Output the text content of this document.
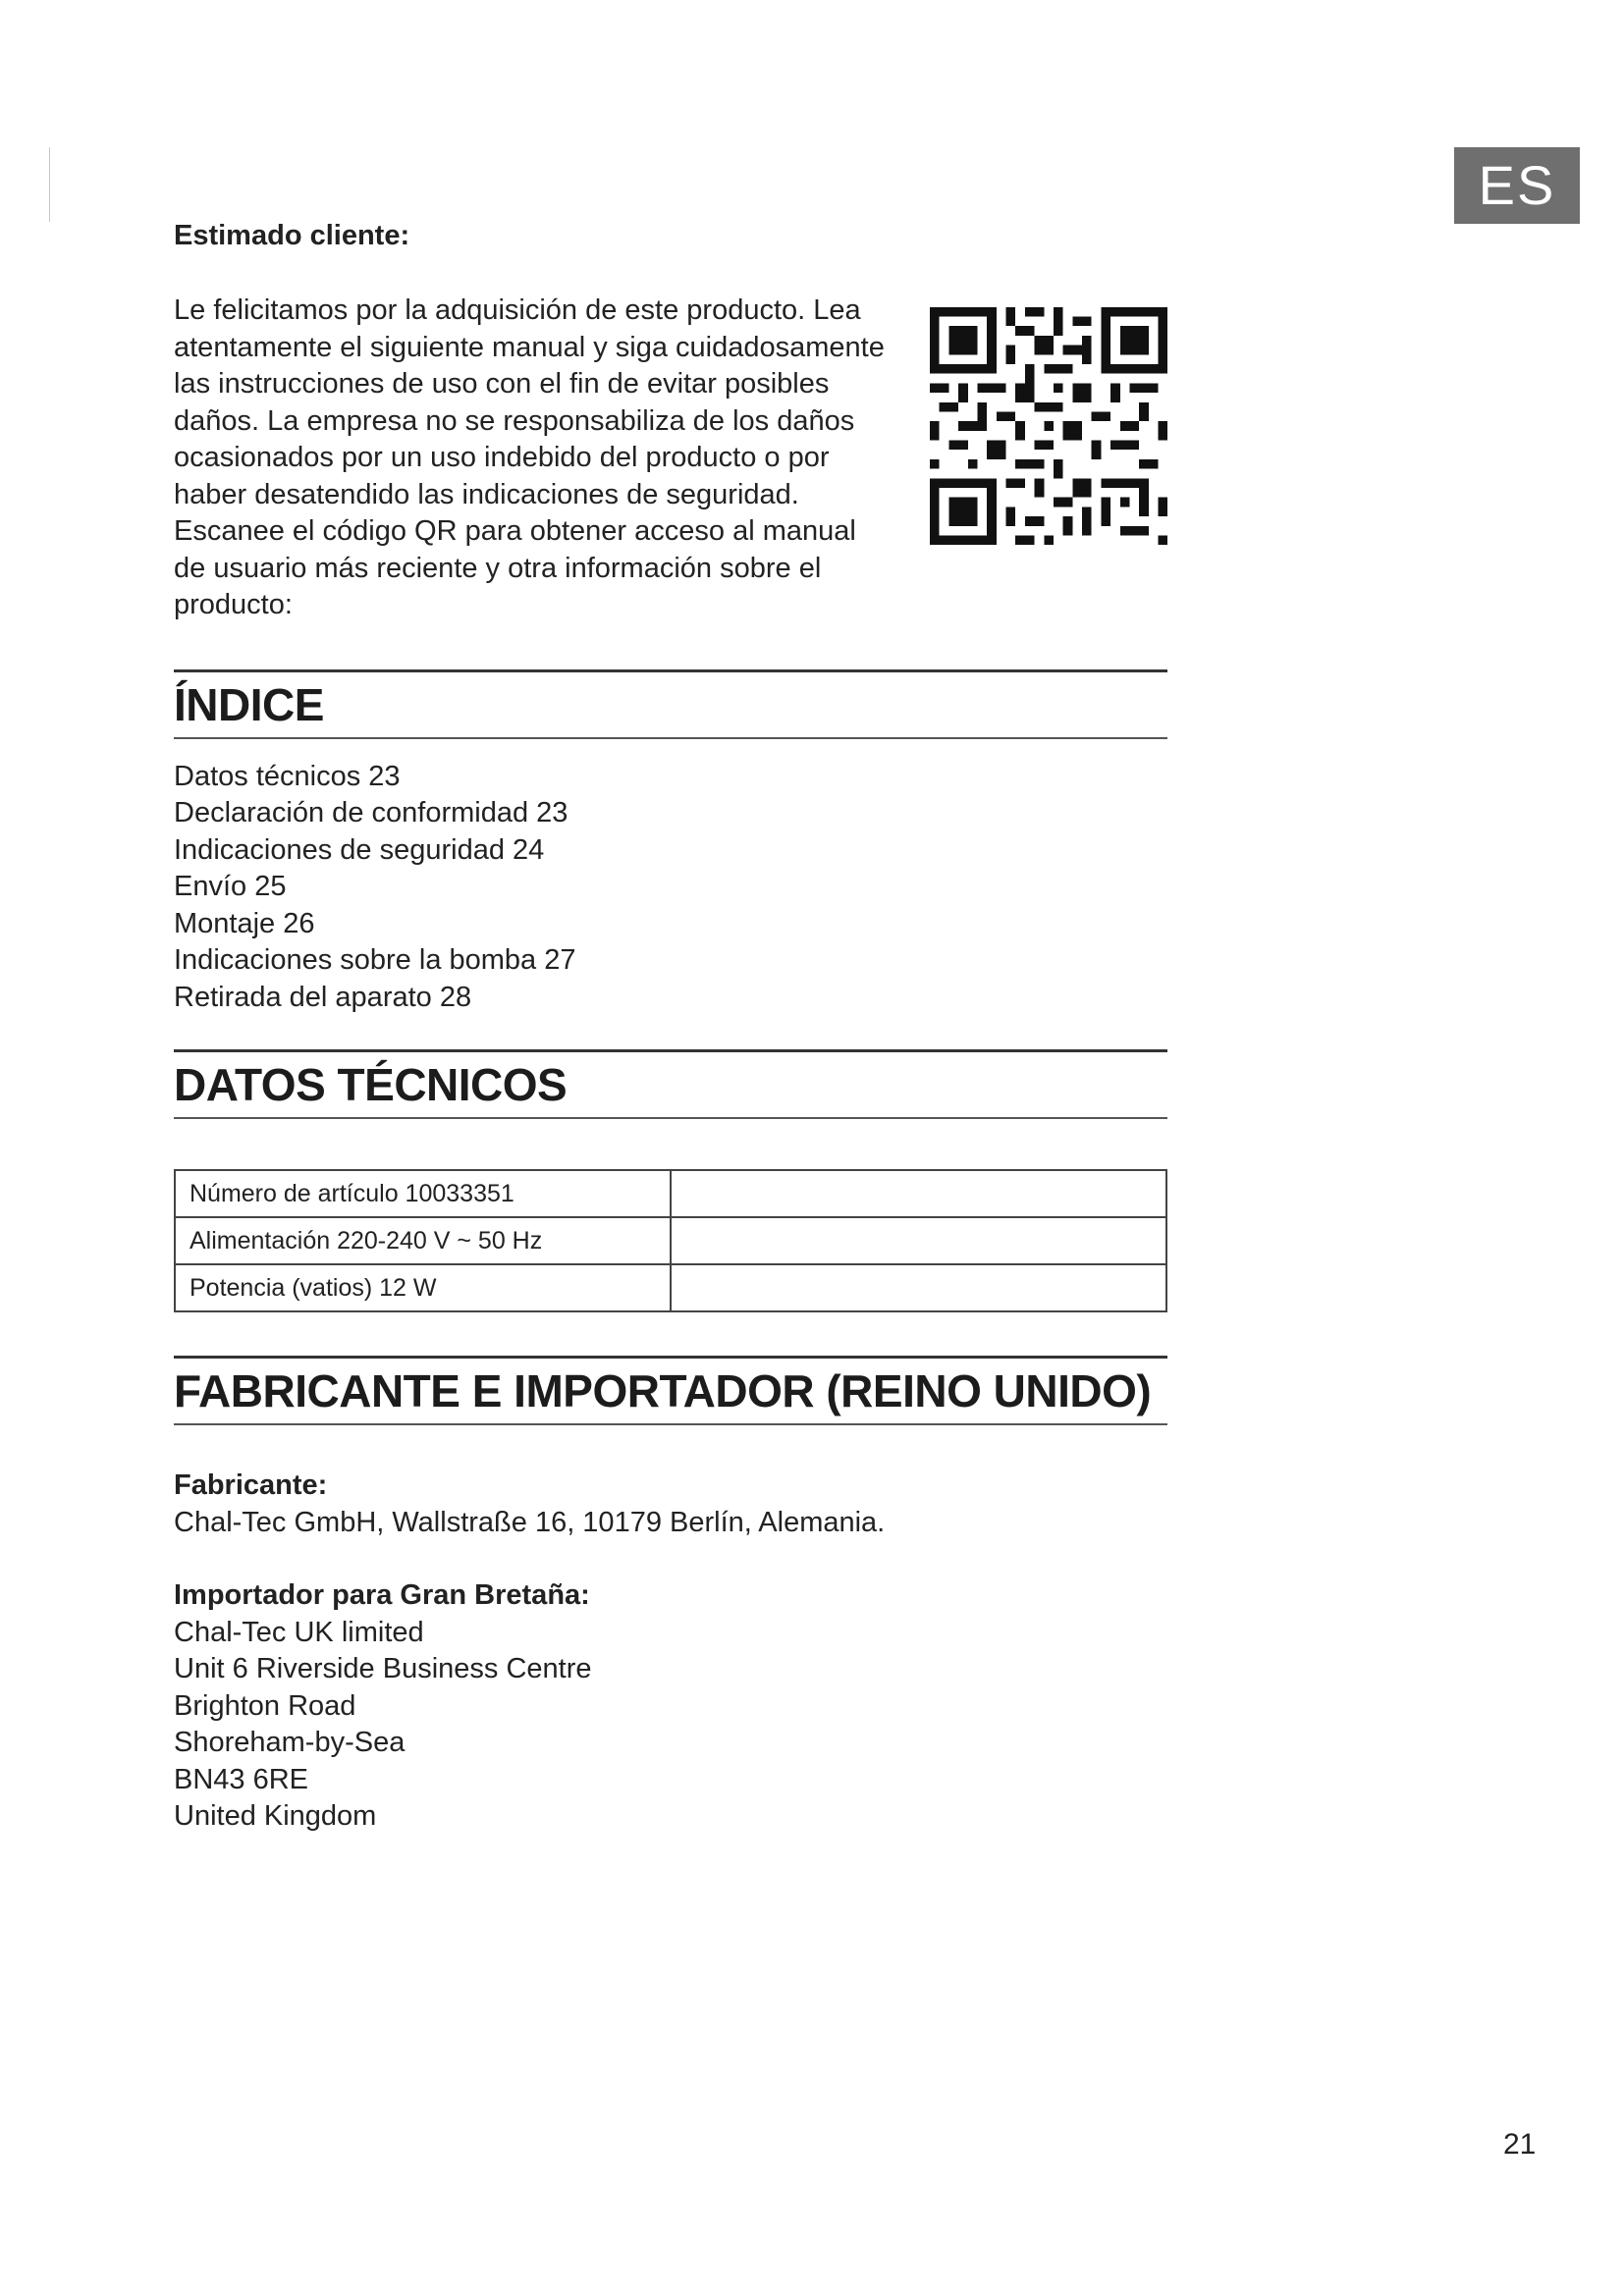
ES

Estimado cliente:

Le felicitamos por la adquisición de este producto. Lea
atentamente el siguiente manual y siga cuidadosamente
las instrucciones de uso con el fin de evitar posibles
daños. La empresa no se responsabiliza de los daños
ocasionados por un uso indebido del producto o por
haber desatendido las indicaciones de seguridad.
Escanee el código QR para obtener acceso al manual
de usuario más reciente y otra información sobre el
producto:
ÍNDICE
Datos técnicos 23
Declaración de conformidad 23
Indicaciones de seguridad 24
Envío 25
Montaje 26
Indicaciones sobre la bomba 27
Retirada del aparato 28
DATOS TÉCNICOS
Número de artículo 10033351	
Alimentación 220-240 V ~ 50 Hz	
Potencia (vatios) 12 W	
FABRICANTE E IMPORTADOR (REINO UNIDO)
Fabricante:
Chal-Tec GmbH, Wallstraße 16, 10179 Berlín, Alemania.
Importador para Gran Bretaña:
Chal-Tec UK limited
Unit 6 Riverside Business Centre
Brighton Road
Shoreham-by-Sea
BN43 6RE
United Kingdom
21
